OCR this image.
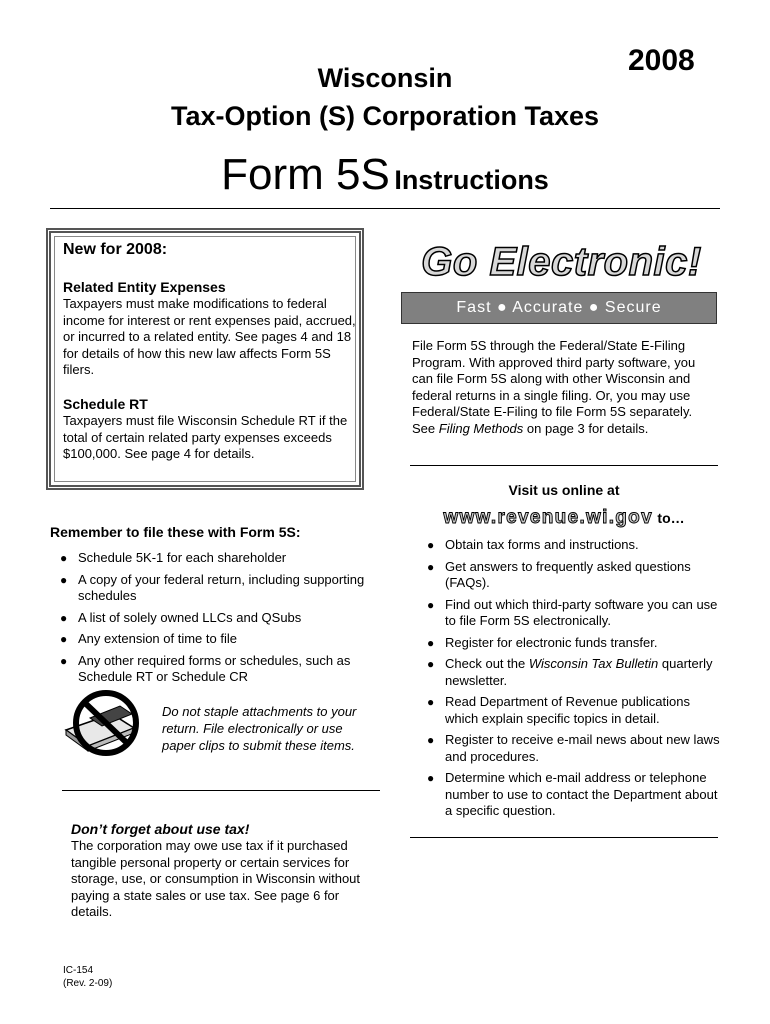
2008
Wisconsin
Tax-Option (S) Corporation Taxes
Form 5S Instructions
New for 2008:
Related Entity Expenses
Taxpayers must make modifications to federal income for interest or rent expenses paid, accrued, or incurred to a related entity. See pages 4 and 18 for details of how this new law affects Form 5S filers.
Schedule RT
Taxpayers must file Wisconsin Schedule RT if the total of certain related party expenses exceeds $100,000. See page 4 for details.
Go Electronic!
Fast ● Accurate ● Secure
File Form 5S through the Federal/State E-Filing Program. With approved third party software, you can file Form 5S along with other Wisconsin and federal returns in a single filing. Or, you may use Federal/State E-Filing to file Form 5S separately. See Filing Methods on page 3 for details.
Visit us online at
www.revenue.wi.gov to…
● Obtain tax forms and instructions.
● Get answers to frequently asked questions (FAQs).
● Find out which third-party software you can use to file Form 5S electronically.
● Register for electronic funds transfer.
● Check out the Wisconsin Tax Bulletin quarterly newsletter.
● Read Department of Revenue publications which explain specific topics in detail.
● Register to receive e-mail news about new laws and procedures.
● Determine which e-mail address or telephone number to use to contact the Department about a specific question.
Remember to file these with Form 5S:
● Schedule 5K-1 for each shareholder
● A copy of your federal return, including supporting schedules
● A list of solely owned LLCs and QSubs
● Any extension of time to file
● Any other required forms or schedules, such as Schedule RT or Schedule CR
Do not staple attachments to your return. File electronically or use paper clips to submit these items.
Don’t forget about use tax!
The corporation may owe use tax if it purchased tangible personal property or certain services for storage, use, or consumption in Wisconsin without paying a state sales or use tax. See page 6 for details.
IC-154
(Rev. 2-09)
